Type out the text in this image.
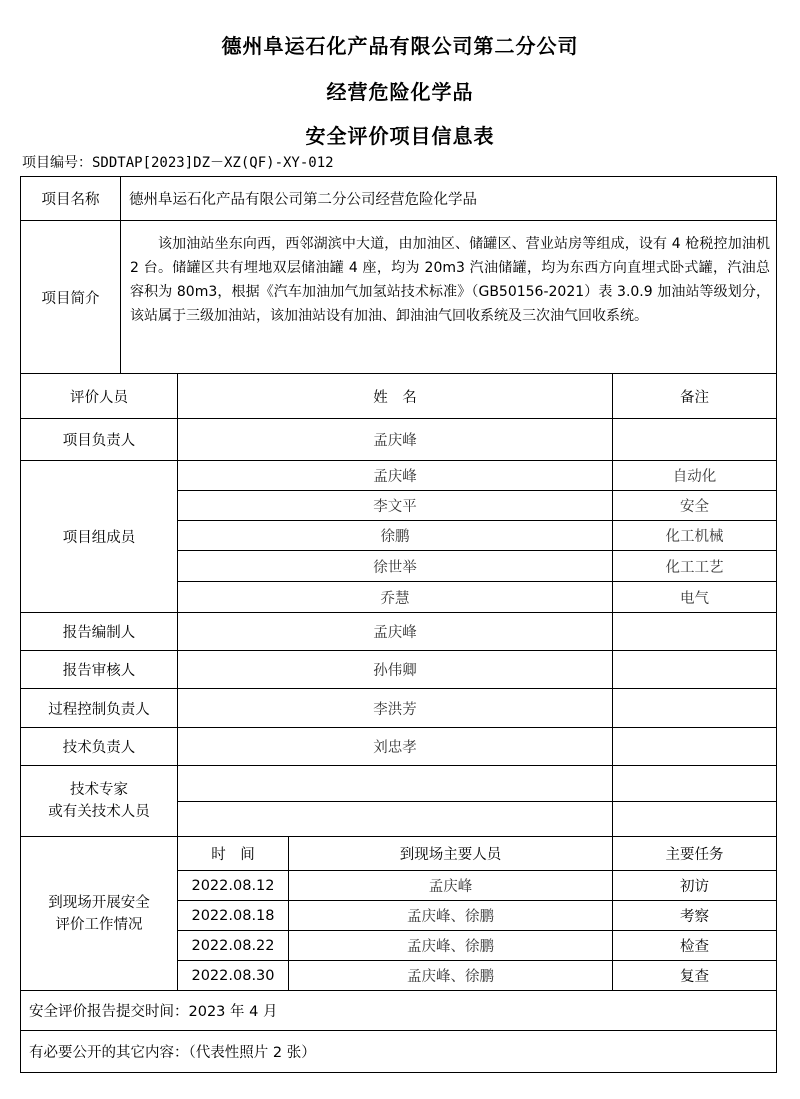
德州阜运石化产品有限公司第二分公司
经营危险化学品
安全评价项目信息表
项目编号：SDDTAP[2023]DZ－XZ(QF)-XY-012
项目名称	德州阜运石化产品有限公司第二分公司经营危险化学品
项目简介
该加油站坐东向西，西邻湖滨中大道，由加油区、储罐区、营业站房等组成，设有 4 枪税控加油机 2 台。储罐区共有埋地双层储油罐 4 座，均为 20m3 汽油储罐，均为东西方向直埋式卧式罐，汽油总容积为 80m3，根据《汽车加油加气加氢站技术标准》（GB50156-2021）表 3.0.9 加油站等级划分，该站属于三级加油站，该加油站设有加油、卸油油气回收系统及三次油气回收系统。
评价人员	姓　名	备注
项目负责人	孟庆峰
项目组成员
孟庆峰	自动化
李文平	安全
徐鹏	化工机械
徐世举	化工工艺
乔慧	电气
报告编制人	孟庆峰
报告审核人	孙伟卿
过程控制负责人	李洪芳
技术负责人	刘忠孝
技术专家
或有关技术人员
到现场开展安全
评价工作情况
时　间	到现场主要人员	主要任务
2022.08.12	孟庆峰	初访
2022.08.18	孟庆峰、徐鹏	考察
2022.08.22	孟庆峰、徐鹏	检查
2022.08.30	孟庆峰、徐鹏	复查
安全评价报告提交时间：2023 年 4 月
有必要公开的其它内容：（代表性照片 2 张）
